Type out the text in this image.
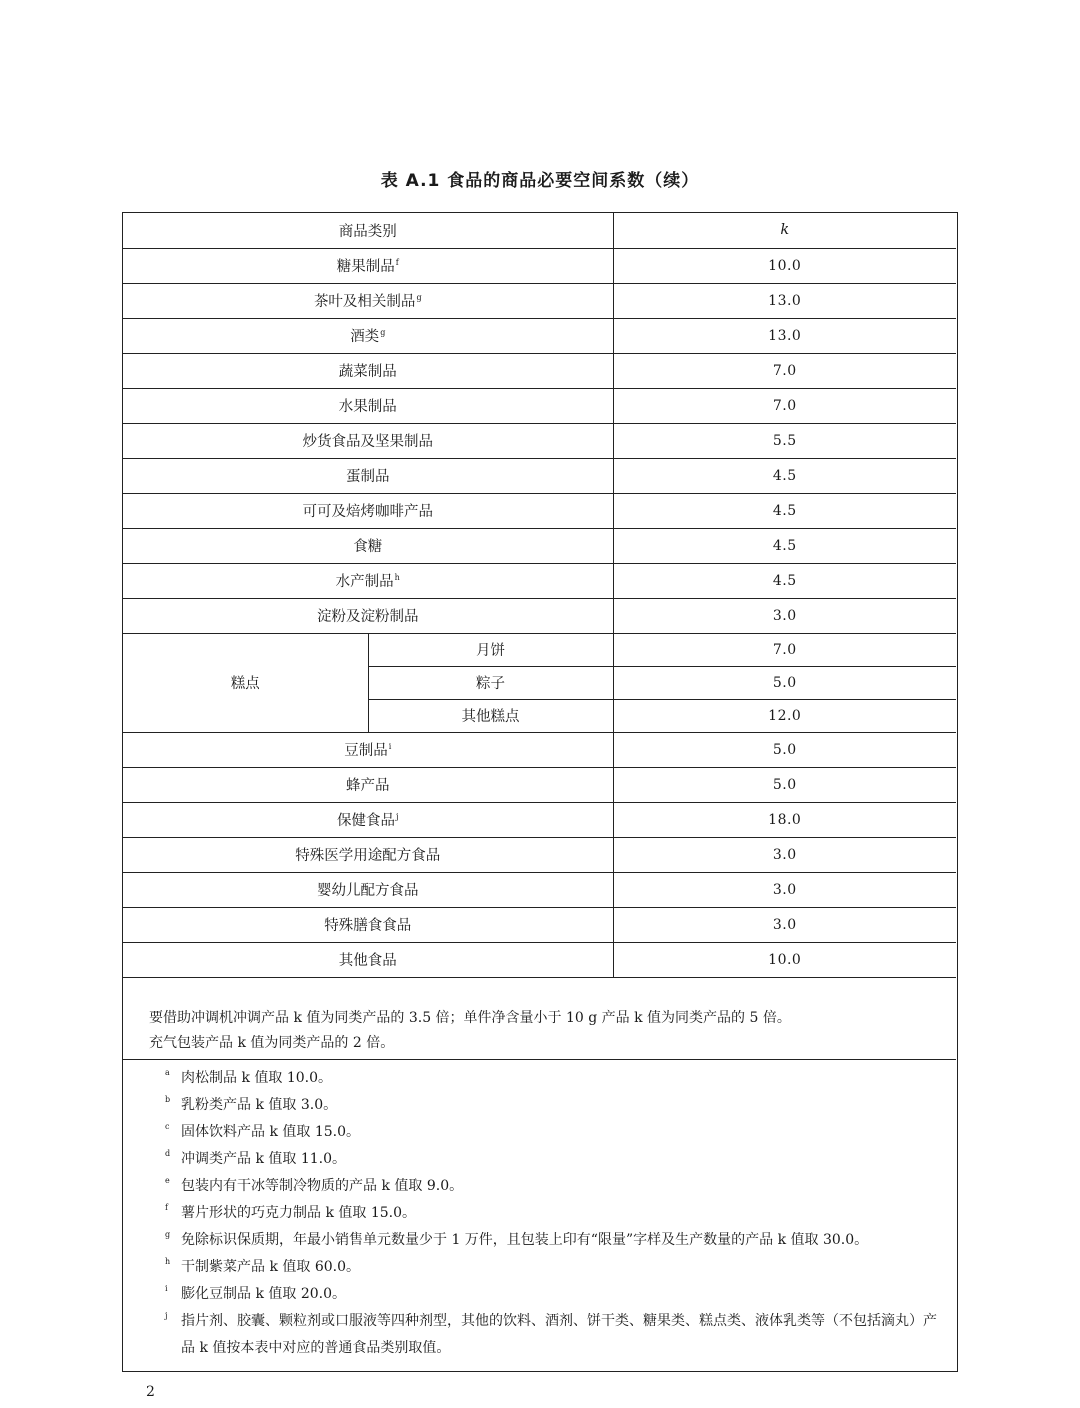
表 A.1 食品的商品必要空间系数（续）
商品类别		k
糖果制品$^f$		10.0
茶叶及相关制品$^g$		13.0
酒类$^g$		13.0
蔬菜制品		7.0
水果制品		7.0
炒货食品及坚果制品		5.5
蛋制品		4.5
可可及焙烤咖啡产品		4.5
食糖		4.5
水产制品$^h$		4.5
淀粉及淀粉制品		3.0
糕点	月饼	7.0
	粽子	5.0
	其他糕点	12.0
豆制品$^i$		5.0
蜂产品		5.0
保健食品$^j$		18.0
特殊医学用途配方食品		3.0
婴幼儿配方食品		3.0
特殊膳食食品		3.0
其他食品		10.0
要借助冲调机冲调产品 k 值为同类产品的 3.5 倍；单件净含量小于 10 g 产品 k 值为同类产品的 5 倍。
充气包装产品 k 值为同类产品的 2 倍。
a 肉松制品 k 值取 10.0。
b 乳粉类产品 k 值取 3.0。
c 固体饮料产品 k 值取 15.0。
d 冲调类产品 k 值取 11.0。
e 包装内有干冰等制冷物质的产品 k 值取 9.0。
f 薯片形状的巧克力制品 k 值取 15.0。
g 免除标识保质期，年最小销售单元数量少于 1 万件，且包装上印有“限量”字样及生产数量的产品 k 值取 30.0。
h 干制紫菜产品 k 值取 60.0。
i 膨化豆制品 k 值取 20.0。
j 指片剂、胶囊、颗粒剂或口服液等四种剂型，其他的饮料、酒剂、饼干类、糖果类、糕点类、液体乳类等（不包括滴丸）产品 k 值按本表中对应的普通食品类别取值。
2
